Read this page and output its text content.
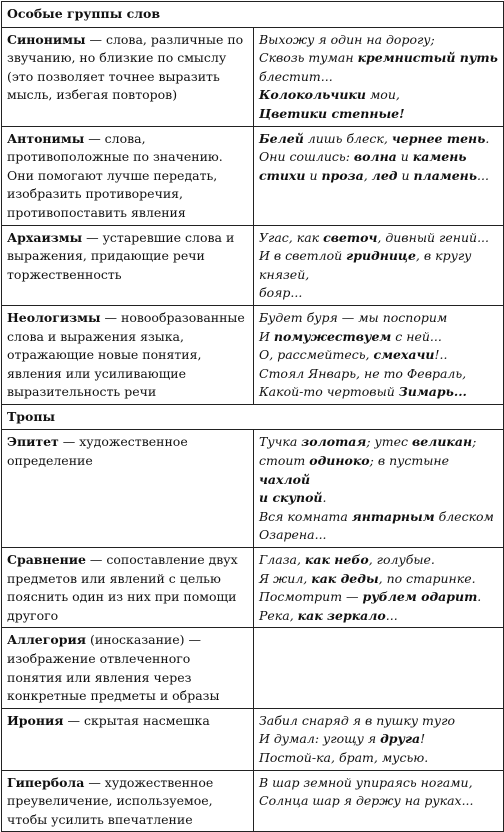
Особые группы слов	
Синонимы — слова, различные по звучанию, но близкие по смыслу (это позволяет точнее выразить мысль, избегая повторов)	Выхожу я один на дорогу;
Сквозь туман кремнистый путь
блестит...
Колокольчики мои,
Цветики степные!

Антонимы — слова, противоположные по значению. Они помогают лучше передать, изобразить противоречия, противопоставить явления	Белей лишь блеск, чернее тень.
Они сошлись: волна и камень
стихи и проза, лед и пламень...

Архаизмы — устаревшие слова и выражения, придающие речи торжественность	Угас, как светоч, дивный гений...
И в светлой гриднице, в кругу князей,
бояр...

Неологизмы — новообразованные слова и выражения языка, отражающие новые понятия, явления или усиливающие выразительность речи	Будет буря — мы поспорим
И помужествуем с ней...
О, рассмейтесь, смехачи!..
Стоял Январь, не то Февраль,
Какой-то чертовый Зимарь...

Тропы	
Эпитет — художественное определение	Тучка золотая; утес великан;
стоит одиноко; в пустыне чахлой
и скупой.
Вся комната янтарным блеском
Озарена...

Сравнение — сопоставление двух предметов или явлений с целью пояснить один из них при помощи другого	Глаза, как небо, голубые.
Я жил, как деды, по старинке.
Посмотрит — рублем одарит.
Река, как зеркало...

Аллегория (иносказание) — изображение отвлеченного понятия или явления через конкретные предметы и образы	
Ирония — скрытая насмешка	Забил снаряд я в пушку туго
И думал: угощу я друга!
Постой-ка, брат, мусью.

Гипербола — художественное преувеличение, используемое, чтобы усилить впечатление	В шар земной упираясь ногами,
Солнца шар я держу на руках...
